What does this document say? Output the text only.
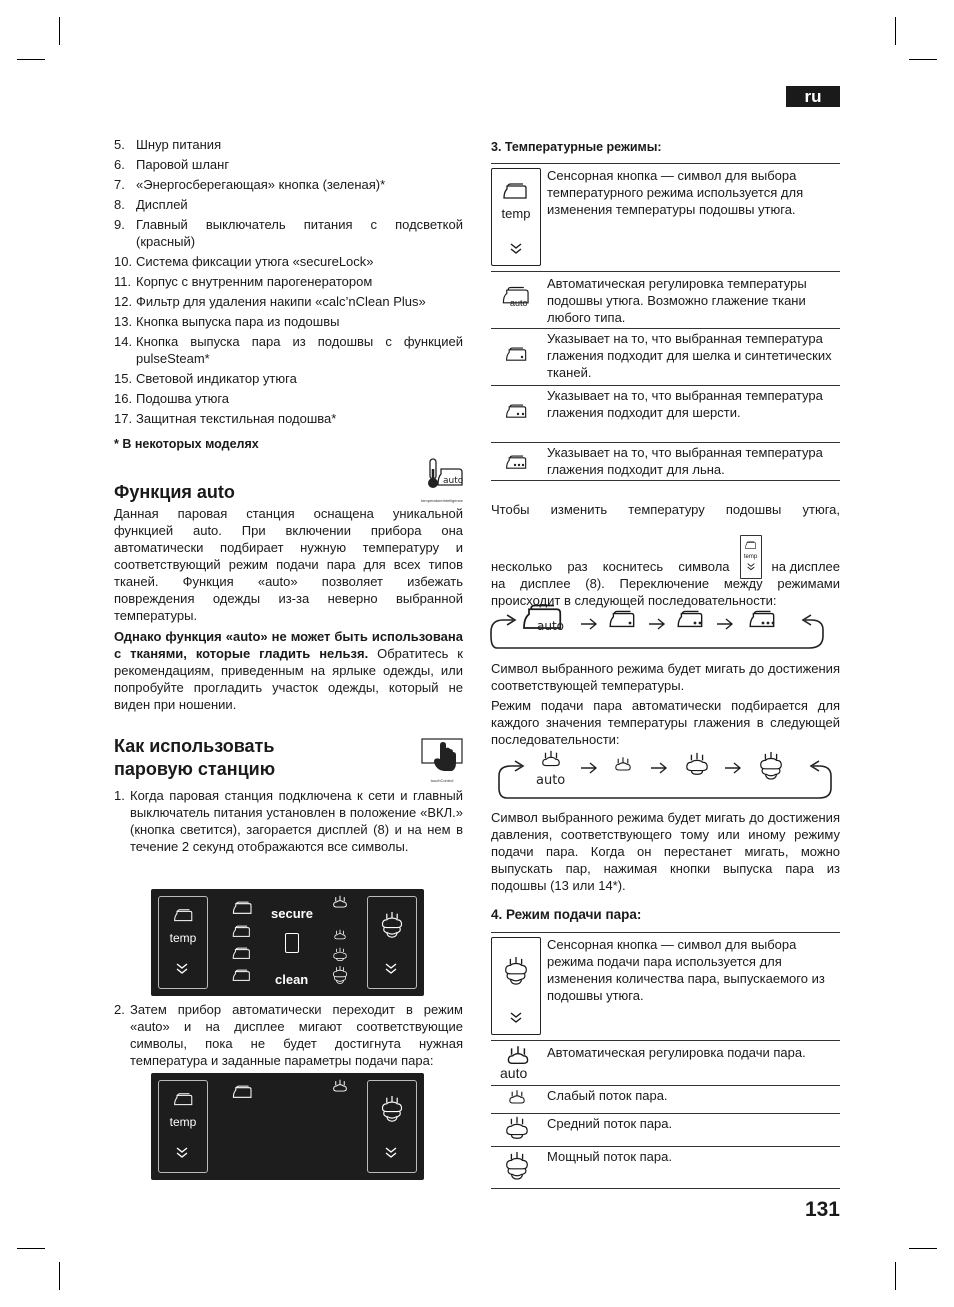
ru
131
5. Шнур питания
6. Паровой шланг
7. «Энергосберегающая» кнопка (зеленая)*
8. Дисплей
9. Главный выключатель питания с подсветкой (красный)
10. Система фиксации утюга «secureLock»
11. Корпус с внутренним парогенератором
12. Фильтр для удаления накипи «calc’nClean Plus»
13. Кнопка выпуска пара из подошвы
14. Кнопка выпуска пара из подошвы с функцией pulseSteam*
15. Световой индикатор утюга
16. Подошва утюга
17. Защитная текстильная подошва*
* В некоторых моделях
Функция auto
auto
temperatureIntelligence

Данная паровая станция оснащена уникальной функцией auto. При включении прибора она автоматически подбирает нужную температуру и соответствующий режим подачи пара для всех типов тканей. Функция «auto» позволяет избежать повреждения одежды из-за неверно выбранной температуры.

Однако функция «auto» не может быть использована с тканями, которые гладить нельзя. Обратитесь к рекомендациям, приведенным на ярлыке одежды, или попробуйте прогладить участок одежды, который не виден при ношении.

Как использовать
паровую станцию
touchControl
1. Когда паровая станция подключена к сети и главный выключатель питания установлен в положение «ВКЛ.» (кнопка светится), загорается дисплей (8) и на нем в течение 2 секунд отображаются все символы.

temp
secure
clean
2. Затем прибор автоматически переходит в режим «auto» и на дисплее мигают соответствующие символы, пока не будет достигнута нужная температура и заданные параметры подачи пара:

temp
3. Температурные режимы:
temp	Сенсорная кнопка — символ для выбора температурного режима используется для изменения температуры подошвы утюга.

auto	Автоматическая регулировка температуры подошвы утюга. Возможно глажение ткани любого типа.
	Указывает на то, что выбранная температура глажения подходит для шелка и синтетических тканей.
	Указывает на то, что выбранная температура глажения подходит для шерсти.
	Указывает на то, что выбранная температура глажения подходит для льна.
Чтобы изменить температуру подошвы утюга,
несколько раз коснитесь символа
temp
на дисплее
на дисплее (8). Переключение между режимами происходит в следующей последовательности:
auto

Символ выбранного режима будет мигать до достижения соответствующей температуры.

Режим подачи пара автоматически подбирается для каждого значения температуры глажения в следующей последовательности:

auto

Символ выбранного режима будет мигать до достижения давления, соответствующего тому или иному режиму подачи пара. Когда он перестанет мигать, можно выпускать пар, нажимая кнопки выпуска пара из подошвы (13 или 14*).

4. Режим подачи пара:
	Сенсорная кнопка — символ для выбора режима подачи пара используется для изменения количества пара, выпускаемого из подошвы утюга.

auto	Автоматическая регулировка подачи пара.
	Слабый поток пара.
	Средний поток пара.
	Мощный поток пара.
